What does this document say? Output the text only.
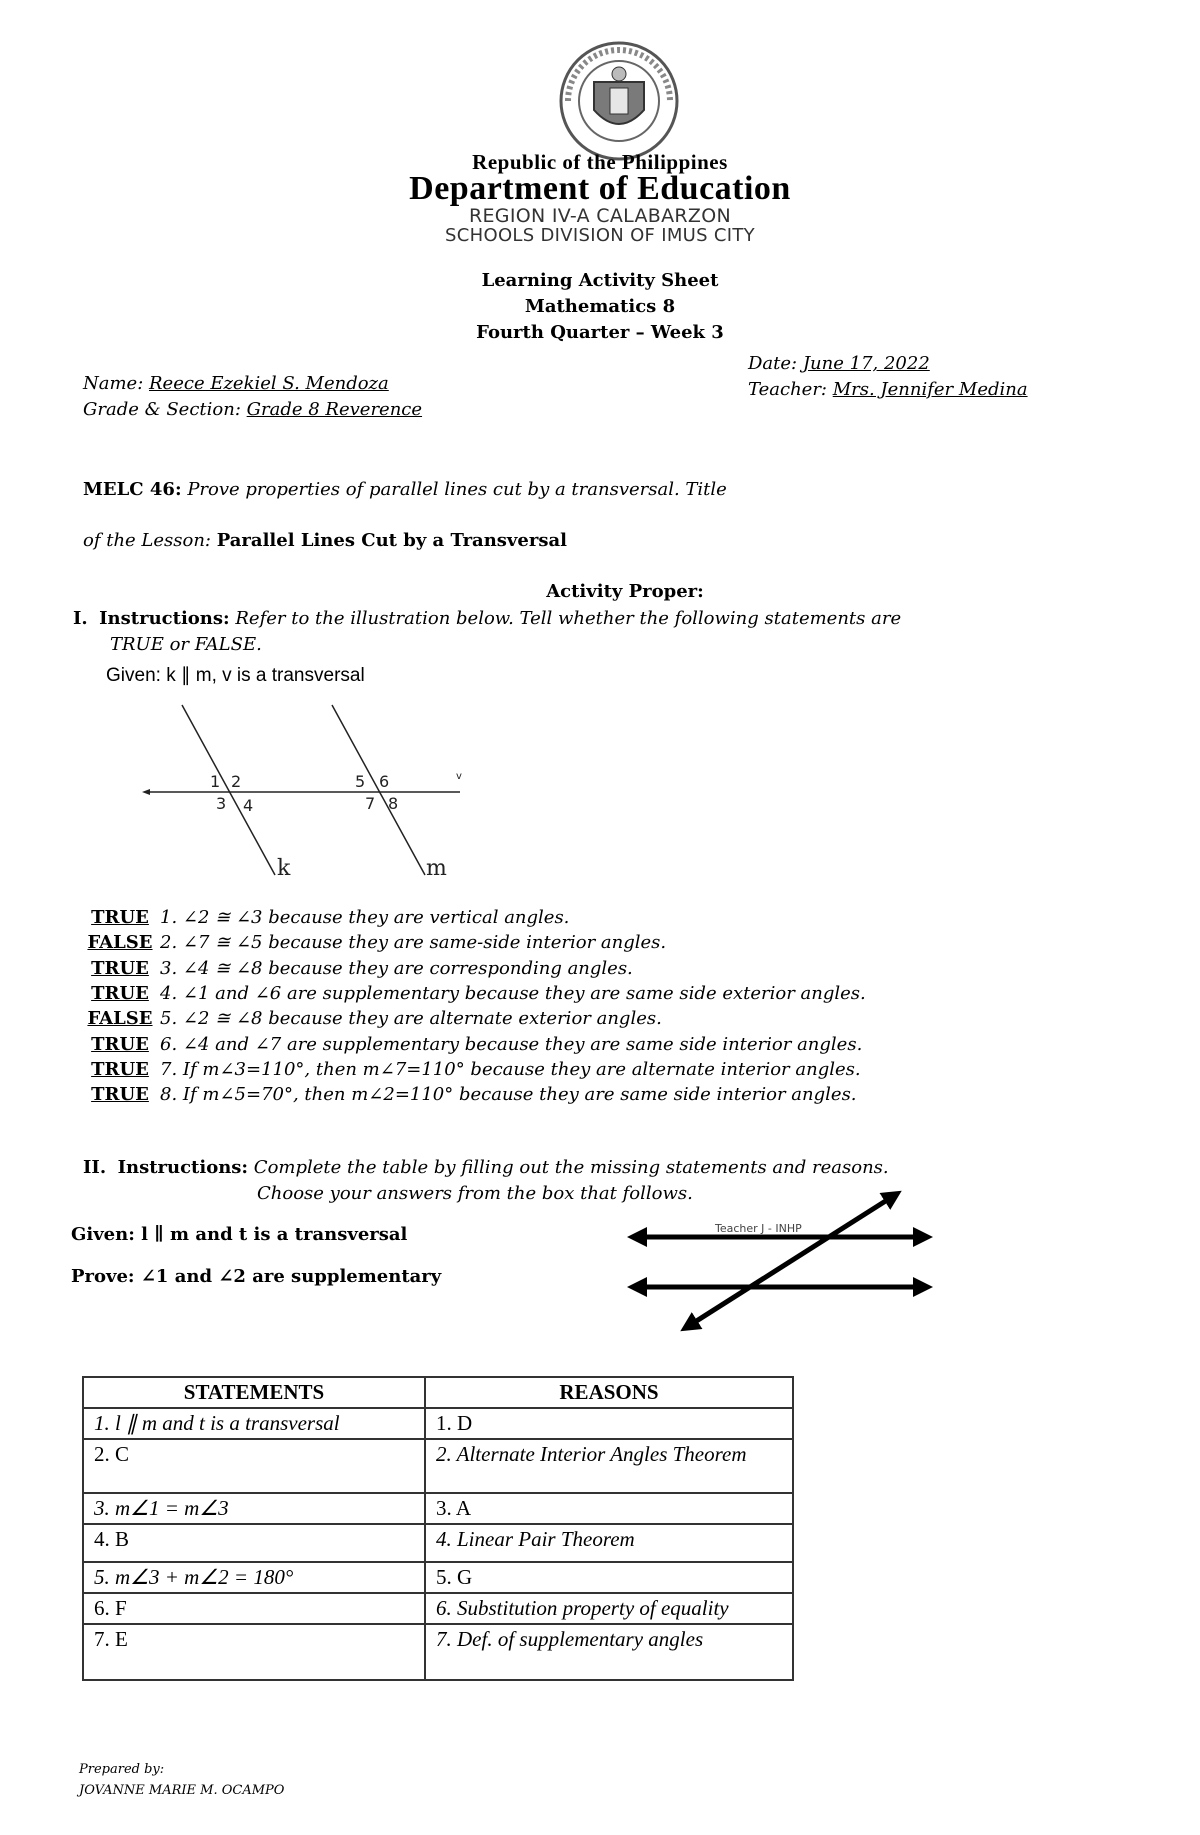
Republic of the Philippines
Department of Education
REGION IV-A CALABARZON
SCHOOLS DIVISION OF IMUS CITY
Learning Activity Sheet
Mathematics 8
Fourth Quarter – Week 3
Name: Reece Ezekiel S. Mendoza
Grade & Section: Grade 8 Reverence
Date: June 17, 2022
Teacher: Mrs. Jennifer Medina
MELC 46: Prove properties of parallel lines cut by a transversal. Title
of the Lesson: Parallel Lines Cut by a Transversal
Activity Proper:
I. Instructions: Refer to the illustration below. Tell whether the following statements are
TRUE or FALSE.
Given: k ∥ m, v is a transversal
1 2
3 4
5 6
7 8
k	m
v
TRUE 1. ∠2 ≅ ∠3 because they are vertical angles.
FALSE 2. ∠7 ≅ ∠5 because they are same-side interior angles.
TRUE 3. ∠4 ≅ ∠8 because they are corresponding angles.
TRUE 4. ∠1 and ∠6 are supplementary because they are same side exterior angles.
FALSE 5. ∠2 ≅ ∠8 because they are alternate exterior angles.
TRUE 6. ∠4 and ∠7 are supplementary because they are same side interior angles.
TRUE 7. If m∠3=110°, then m∠7=110° because they are alternate interior angles.
TRUE 8. If m∠5=70°, then m∠2=110° because they are same side interior angles.
II. Instructions: Complete the table by filling out the missing statements and reasons.
Choose your answers from the box that follows.
Given: l ∥ m and t is a transversal
Prove: ∠1 and ∠2 are supplementary
Teacher J - INHP
STATEMENTS	REASONS
1. l ∥ m and t is a transversal	1. D
2. C	2. Alternate Interior Angles Theorem
3. m∠1 = m∠3	3. A
4. B	4. Linear Pair Theorem
5. m∠3 + m∠2 = 180°	5. G
6. F	6. Substitution property of equality
7. E	7. Def. of supplementary angles
Prepared by:
JOVANNE MARIE M. OCAMPO
